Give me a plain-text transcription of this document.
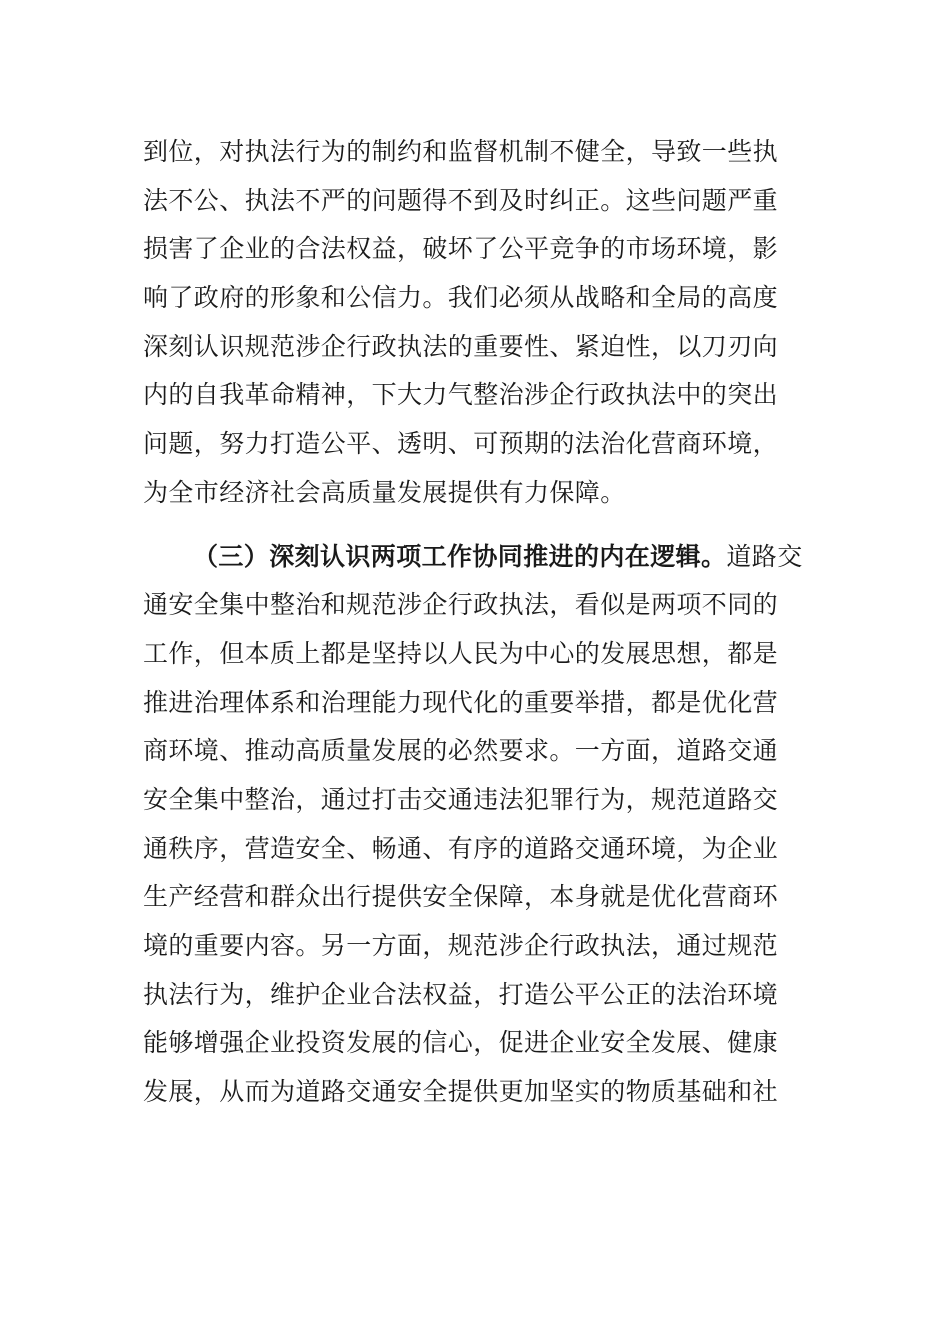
到位，对执法行为的制约和监督机制不健全，导致一些执
法不公、执法不严的问题得不到及时纠正。这些问题严重
损害了企业的合法权益，破坏了公平竞争的市场环境，影
响了政府的形象和公信力。我们必须从战略和全局的高度
深刻认识规范涉企行政执法的重要性、紧迫性，以刀刃向
内的自我革命精神，下大力气整治涉企行政执法中的突出
问题，努力打造公平、透明、可预期的法治化营商环境，
为全市经济社会高质量发展提供有力保障。
（三）深刻认识两项工作协同推进的内在逻辑。道路交
通安全集中整治和规范涉企行政执法，看似是两项不同的
工作，但本质上都是坚持以人民为中心的发展思想，都是
推进治理体系和治理能力现代化的重要举措，都是优化营
商环境、推动高质量发展的必然要求。一方面，道路交通
安全集中整治，通过打击交通违法犯罪行为，规范道路交
通秩序，营造安全、畅通、有序的道路交通环境，为企业
生产经营和群众出行提供安全保障，本身就是优化营商环
境的重要内容。另一方面，规范涉企行政执法，通过规范
执法行为，维护企业合法权益，打造公平公正的法治环境
能够增强企业投资发展的信心，促进企业安全发展、健康
发展，从而为道路交通安全提供更加坚实的物质基础和社
